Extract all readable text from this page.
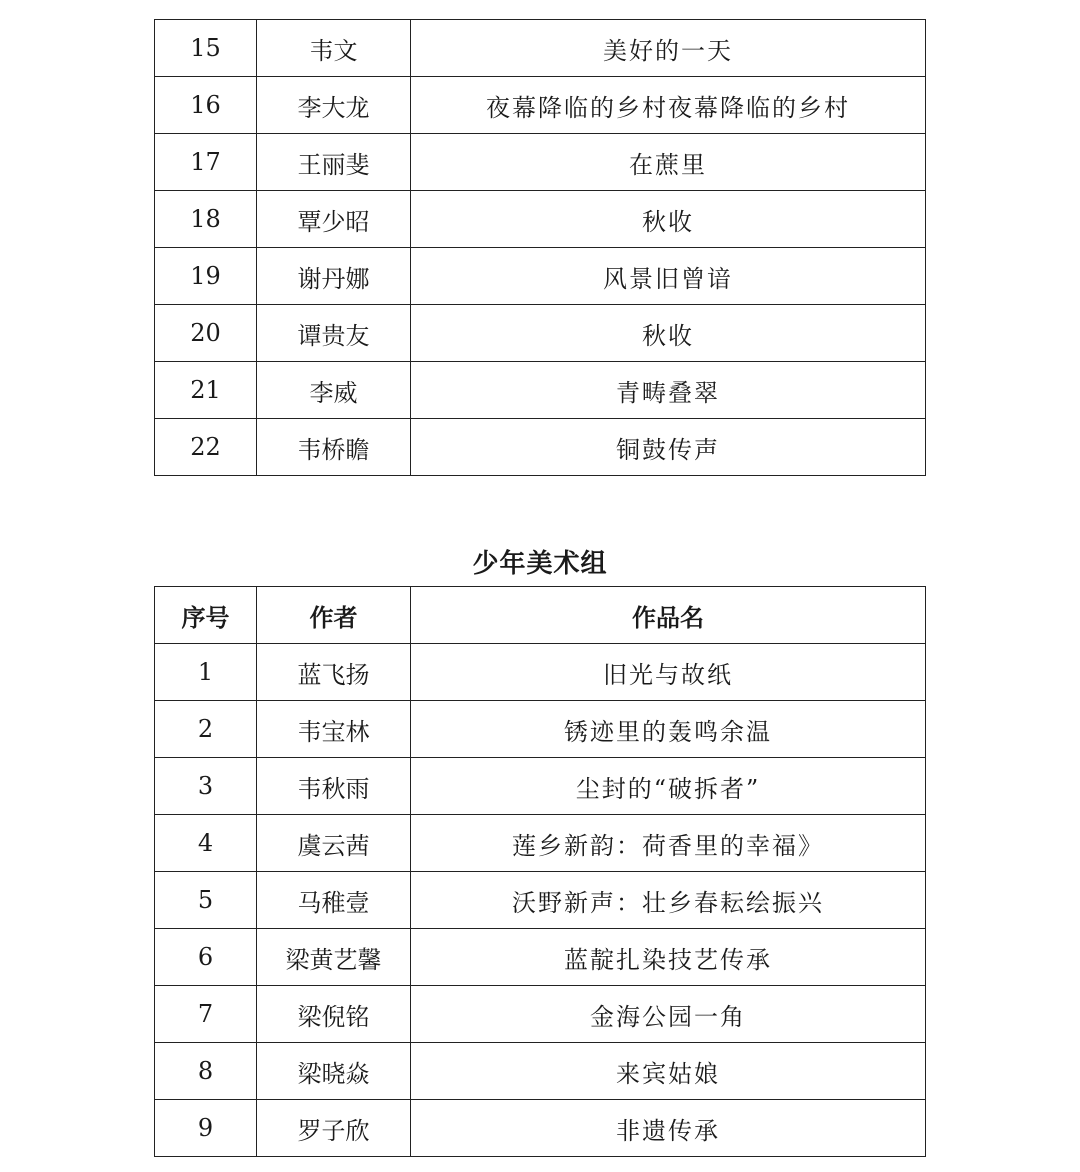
15	韦文	美好的一天
16	李大龙	夜幕降临的乡村夜幕降临的乡村
17	王丽斐	在蔗里
18	覃少昭	秋收
19	谢丹娜	风景旧曾谙
20	谭贵友	秋收
21	李威	青畴叠翠
22	韦桥瞻	铜鼓传声
少年美术组
序号	作者	作品名
1	蓝飞扬	旧光与故纸
2	韦宝林	锈迹里的轰鸣余温
3	韦秋雨	尘封的“破拆者”
4	虞云茜	莲乡新韵：荷香里的幸福》
5	马稚壹	沃野新声：壮乡春耘绘振兴
6	梁黄艺馨	蓝靛扎染技艺传承
7	梁倪铭	金海公园一角
8	梁晓焱	来宾姑娘
9	罗子欣	非遗传承
